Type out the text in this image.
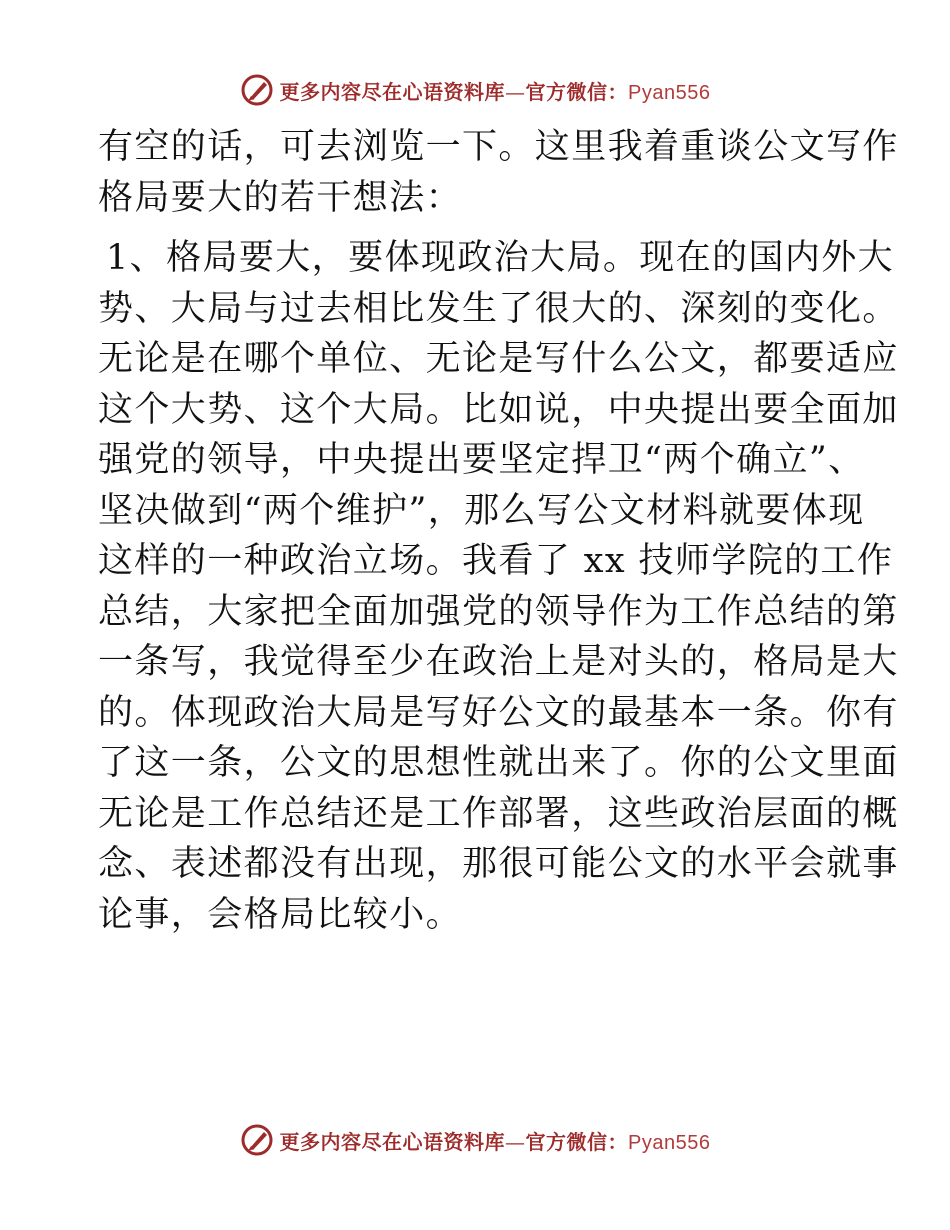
更多内容尽在心语资料库—官方微信：Pyan556

有空的话，可去浏览一下。这里我着重谈公文写作
格局要大的若干想法：

1、格局要大，要体现政治大局。现在的国内外大
势、大局与过去相比发生了很大的、深刻的变化。
无论是在哪个单位、无论是写什么公文，都要适应
这个大势、这个大局。比如说，中央提出要全面加
强党的领导，中央提出要坚定捍卫“两个确立”、
坚决做到“两个维护”，那么写公文材料就要体现
这样的一种政治立场。我看了 xx 技师学院的工作
总结，大家把全面加强党的领导作为工作总结的第
一条写，我觉得至少在政治上是对头的，格局是大
的。体现政治大局是写好公文的最基本一条。你有
了这一条，公文的思想性就出来了。你的公文里面
无论是工作总结还是工作部署，这些政治层面的概
念、表述都没有出现，那很可能公文的水平会就事
论事，会格局比较小。

更多内容尽在心语资料库—官方微信：Pyan556
